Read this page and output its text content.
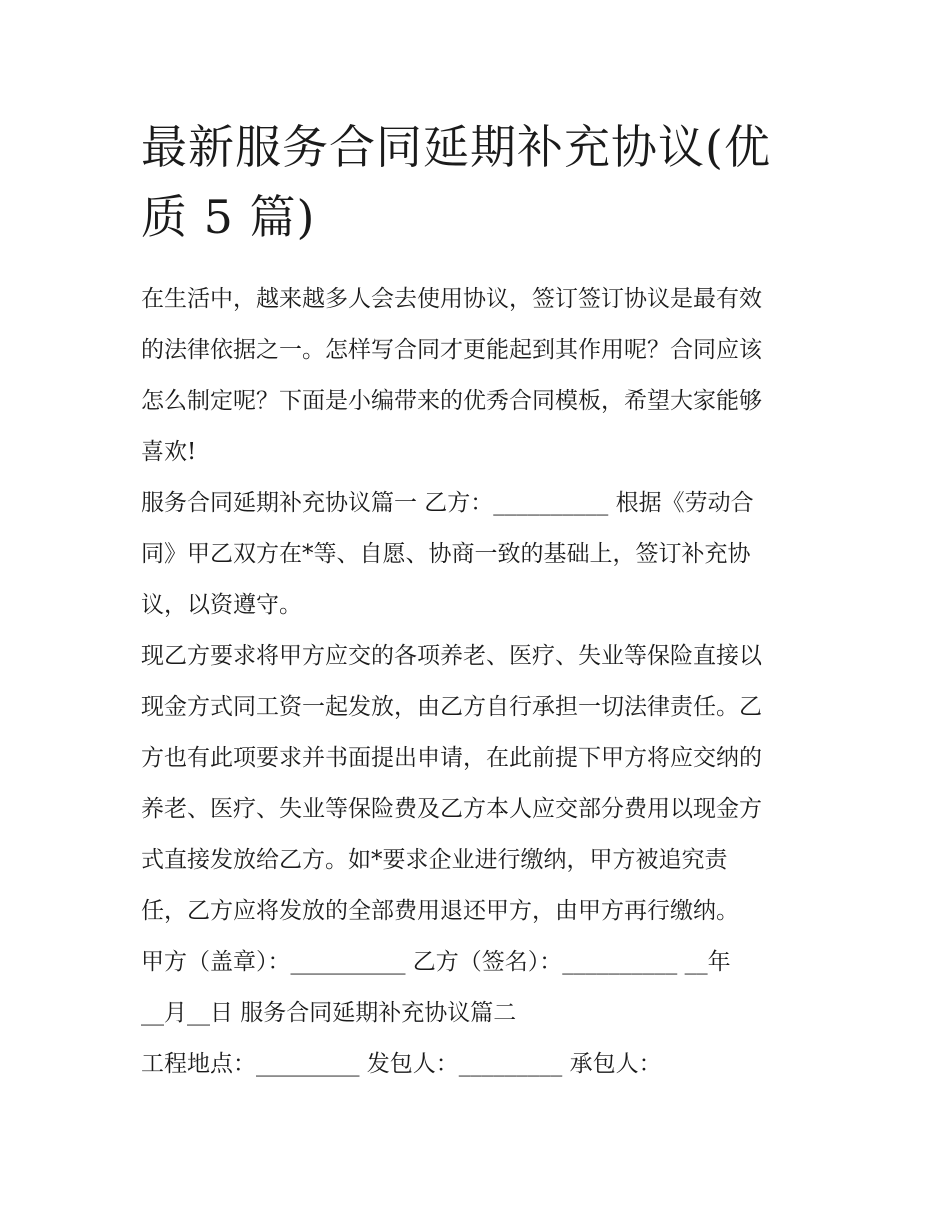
最新服务合同延期补充协议(优
质 5 篇)

在生活中，越来越多人会去使用协议，签订签订协议是最有效
的法律依据之一。怎样写合同才更能起到其作用呢？合同应该
怎么制定呢？下面是小编带来的优秀合同模板，希望大家能够
喜欢!

服务合同延期补充协议篇一 乙方：__________ 根据《劳动合
同》甲乙双方在*等、自愿、协商一致的基础上，签订补充协
议，以资遵守。

现乙方要求将甲方应交的各项养老、医疗、失业等保险直接以
现金方式同工资一起发放，由乙方自行承担一切法律责任。乙
方也有此项要求并书面提出申请，在此前提下甲方将应交纳的
养老、医疗、失业等保险费及乙方本人应交部分费用以现金方
式直接发放给乙方。如*要求企业进行缴纳，甲方被追究责
任，乙方应将发放的全部费用退还甲方，由甲方再行缴纳。

甲方（盖章）：__________ 乙方（签名）：__________ __年
__月__日 服务合同延期补充协议篇二

工程地点：_________ 发包人：_________ 承包人：
